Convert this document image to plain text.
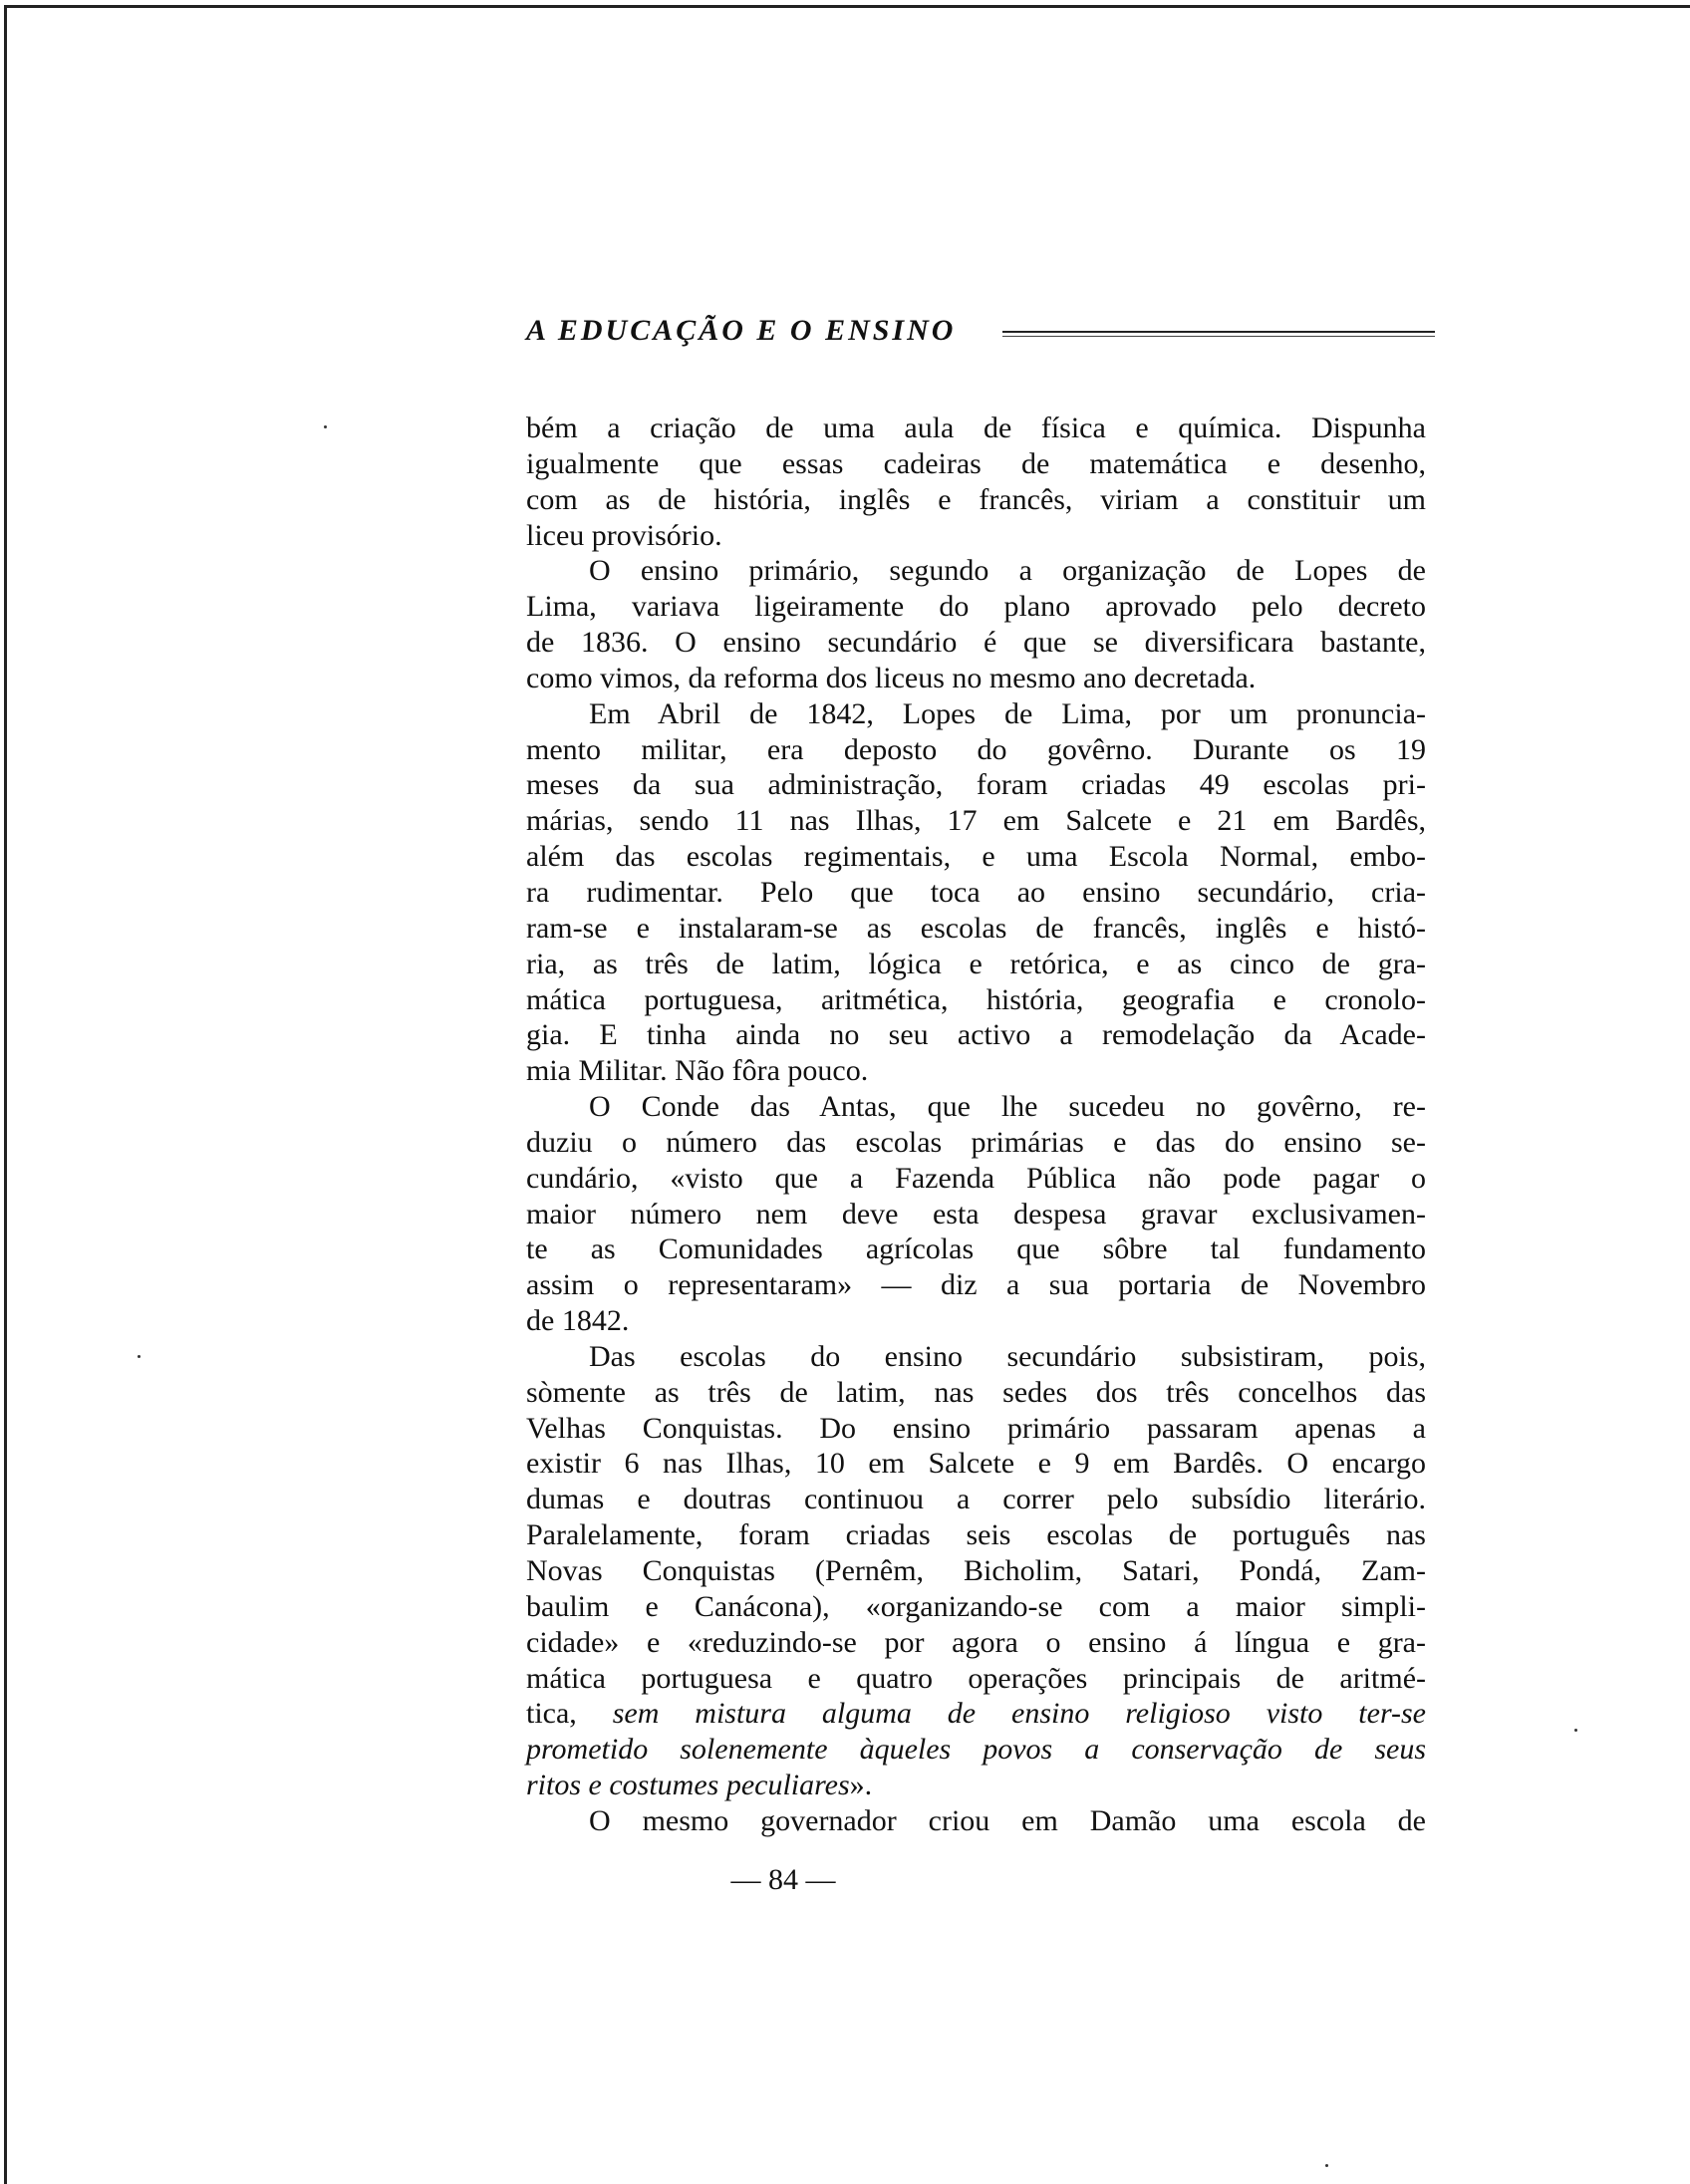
A EDUCAÇÃO E O ENSINO
bém a criação de uma aula de física e química. Dispunha
igualmente que essas cadeiras de matemática e desenho,
com as de história, inglês e francês, viriam a constituir um
liceu provisório.
O ensino primário, segundo a organização de Lopes de
Lima, variava ligeiramente do plano aprovado pelo decreto
de 1836. O ensino secundário é que se diversificara bastante,
como vimos, da reforma dos liceus no mesmo ano decretada.
Em Abril de 1842, Lopes de Lima, por um pronuncia-
mento militar, era deposto do govêrno. Durante os 19
meses da sua administração, foram criadas 49 escolas pri-
márias, sendo 11 nas Ilhas, 17 em Salcete e 21 em Bardês,
além das escolas regimentais, e uma Escola Normal, embo-
ra rudimentar. Pelo que toca ao ensino secundário, cria-
ram-se e instalaram-se as escolas de francês, inglês e histó-
ria, as três de latim, lógica e retórica, e as cinco de gra-
mática portuguesa, aritmética, história, geografia e cronolo-
gia. E tinha ainda no seu activo a remodelação da Acade-
mia Militar. Não fôra pouco.
O Conde das Antas, que lhe sucedeu no govêrno, re-
duziu o número das escolas primárias e das do ensino se-
cundário, «visto que a Fazenda Pública não pode pagar o
maior número nem deve esta despesa gravar exclusivamen-
te as Comunidades agrícolas que sôbre tal fundamento
assim o representaram» — diz a sua portaria de Novembro
de 1842.
Das escolas do ensino secundário subsistiram, pois,
sòmente as três de latim, nas sedes dos três concelhos das
Velhas Conquistas. Do ensino primário passaram apenas a
existir 6 nas Ilhas, 10 em Salcete e 9 em Bardês. O encargo
dumas e doutras continuou a correr pelo subsídio literário.
Paralelamente, foram criadas seis escolas de português nas
Novas Conquistas (Pernêm, Bicholim, Satari, Pondá, Zam-
baulim e Canácona), «organizando-se com a maior simpli-
cidade» e «reduzindo-se por agora o ensino á língua e gra-
mática portuguesa e quatro operações principais de aritmé-
tica, sem mistura alguma de ensino religioso visto ter-se
prometido solenemente àqueles povos a conservação de seus
ritos e costumes peculiares».
O mesmo governador criou em Damão uma escola de
— 84 —
